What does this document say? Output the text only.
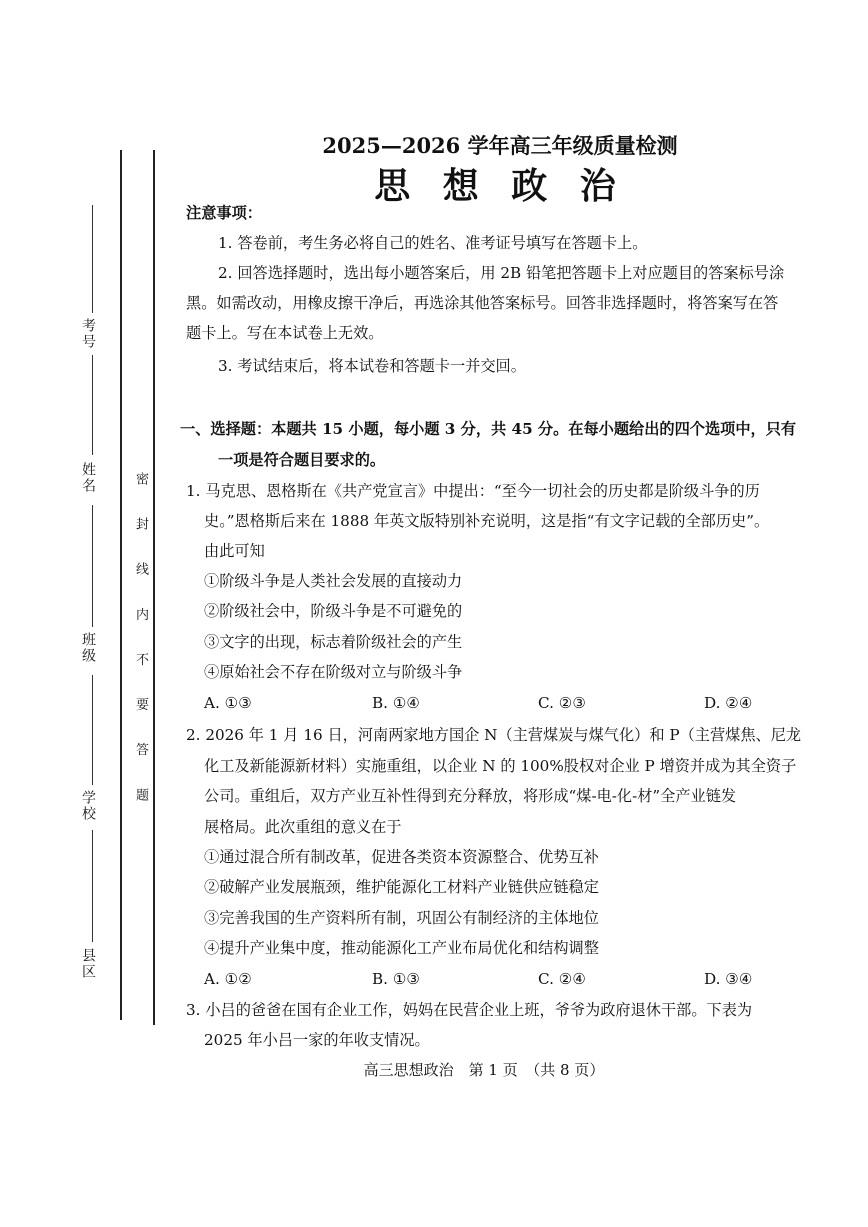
考号
姓名
班级
学校
县区
密 封 线 内 不 要 答 题
2025—2026 学年高三年级质量检测
思 想 政 治
注意事项：
1. 答卷前，考生务必将自己的姓名、准考证号填写在答题卡上。
2. 回答选择题时，选出每小题答案后，用 2B 铅笔把答题卡上对应题目的答案标号涂
黑。如需改动，用橡皮擦干净后，再选涂其他答案标号。回答非选择题时，将答案写在答
题卡上。写在本试卷上无效。
3. 考试结束后，将本试卷和答题卡一并交回。
一、选择题：本题共 15 小题，每小题 3 分，共 45 分。在每小题给出的四个选项中，只有
一项是符合题目要求的。
1. 马克思、恩格斯在《共产党宣言》中提出：“至今一切社会的历史都是阶级斗争的历
史。”恩格斯后来在 1888 年英文版特别补充说明，这是指“有文字记载的全部历史”。
由此可知
①阶级斗争是人类社会发展的直接动力
②阶级社会中，阶级斗争是不可避免的
③文字的出现，标志着阶级社会的产生
④原始社会不存在阶级对立与阶级斗争
A. ①③	B. ①④	C. ②③	D. ②④
2. 2026 年 1 月 16 日，河南两家地方国企 N（主营煤炭与煤气化）和 P（主营煤焦、尼龙
化工及新能源新材料）实施重组，以企业 N 的 100%股权对企业 P 增资并成为其全资子
公司。重组后，双方产业互补性得到充分释放，将形成“煤-电-化-材”全产业链发
展格局。此次重组的意义在于
①通过混合所有制改革，促进各类资本资源整合、优势互补
②破解产业发展瓶颈，维护能源化工材料产业链供应链稳定
③完善我国的生产资料所有制，巩固公有制经济的主体地位
④提升产业集中度，推动能源化工产业布局优化和结构调整
A. ①②	B. ①③	C. ②④	D. ③④
3. 小吕的爸爸在国有企业工作，妈妈在民营企业上班，爷爷为政府退休干部。下表为
2025 年小吕一家的年收支情况。
高三思想政治　第 1 页　（共 8 页）
